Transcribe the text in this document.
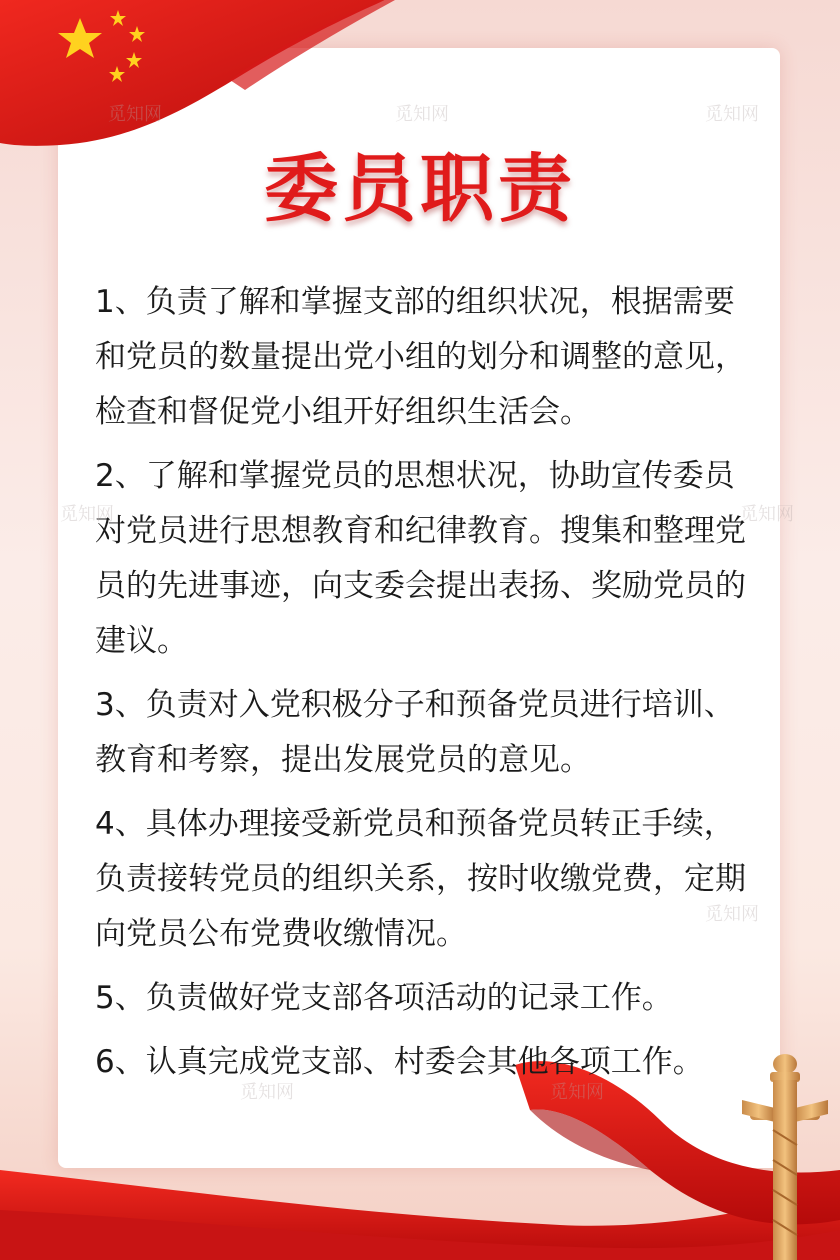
委员职责

1、负责了解和掌握支部的组织状况，根据需要和党员的数量提出党小组的划分和调整的意见，检查和督促党小组开好组织生活会。

2、了解和掌握党员的思想状况，协助宣传委员对党员进行思想教育和纪律教育。搜集和整理党员的先进事迹，向支委会提出表扬、奖励党员的建议。

3、负责对入党积极分子和预备党员进行培训、教育和考察，提出发展党员的意见。

4、具体办理接受新党员和预备党员转正手续，负责接转党员的组织关系，按时收缴党费，定期向党员公布党费收缴情况。

5、负责做好党支部各项活动的记录工作。

6、认真完成党支部、村委会其他各项工作。

觅知网	觅知网	觅知网
觅知网	觅知网
觅知网
觅知网	觅知网
